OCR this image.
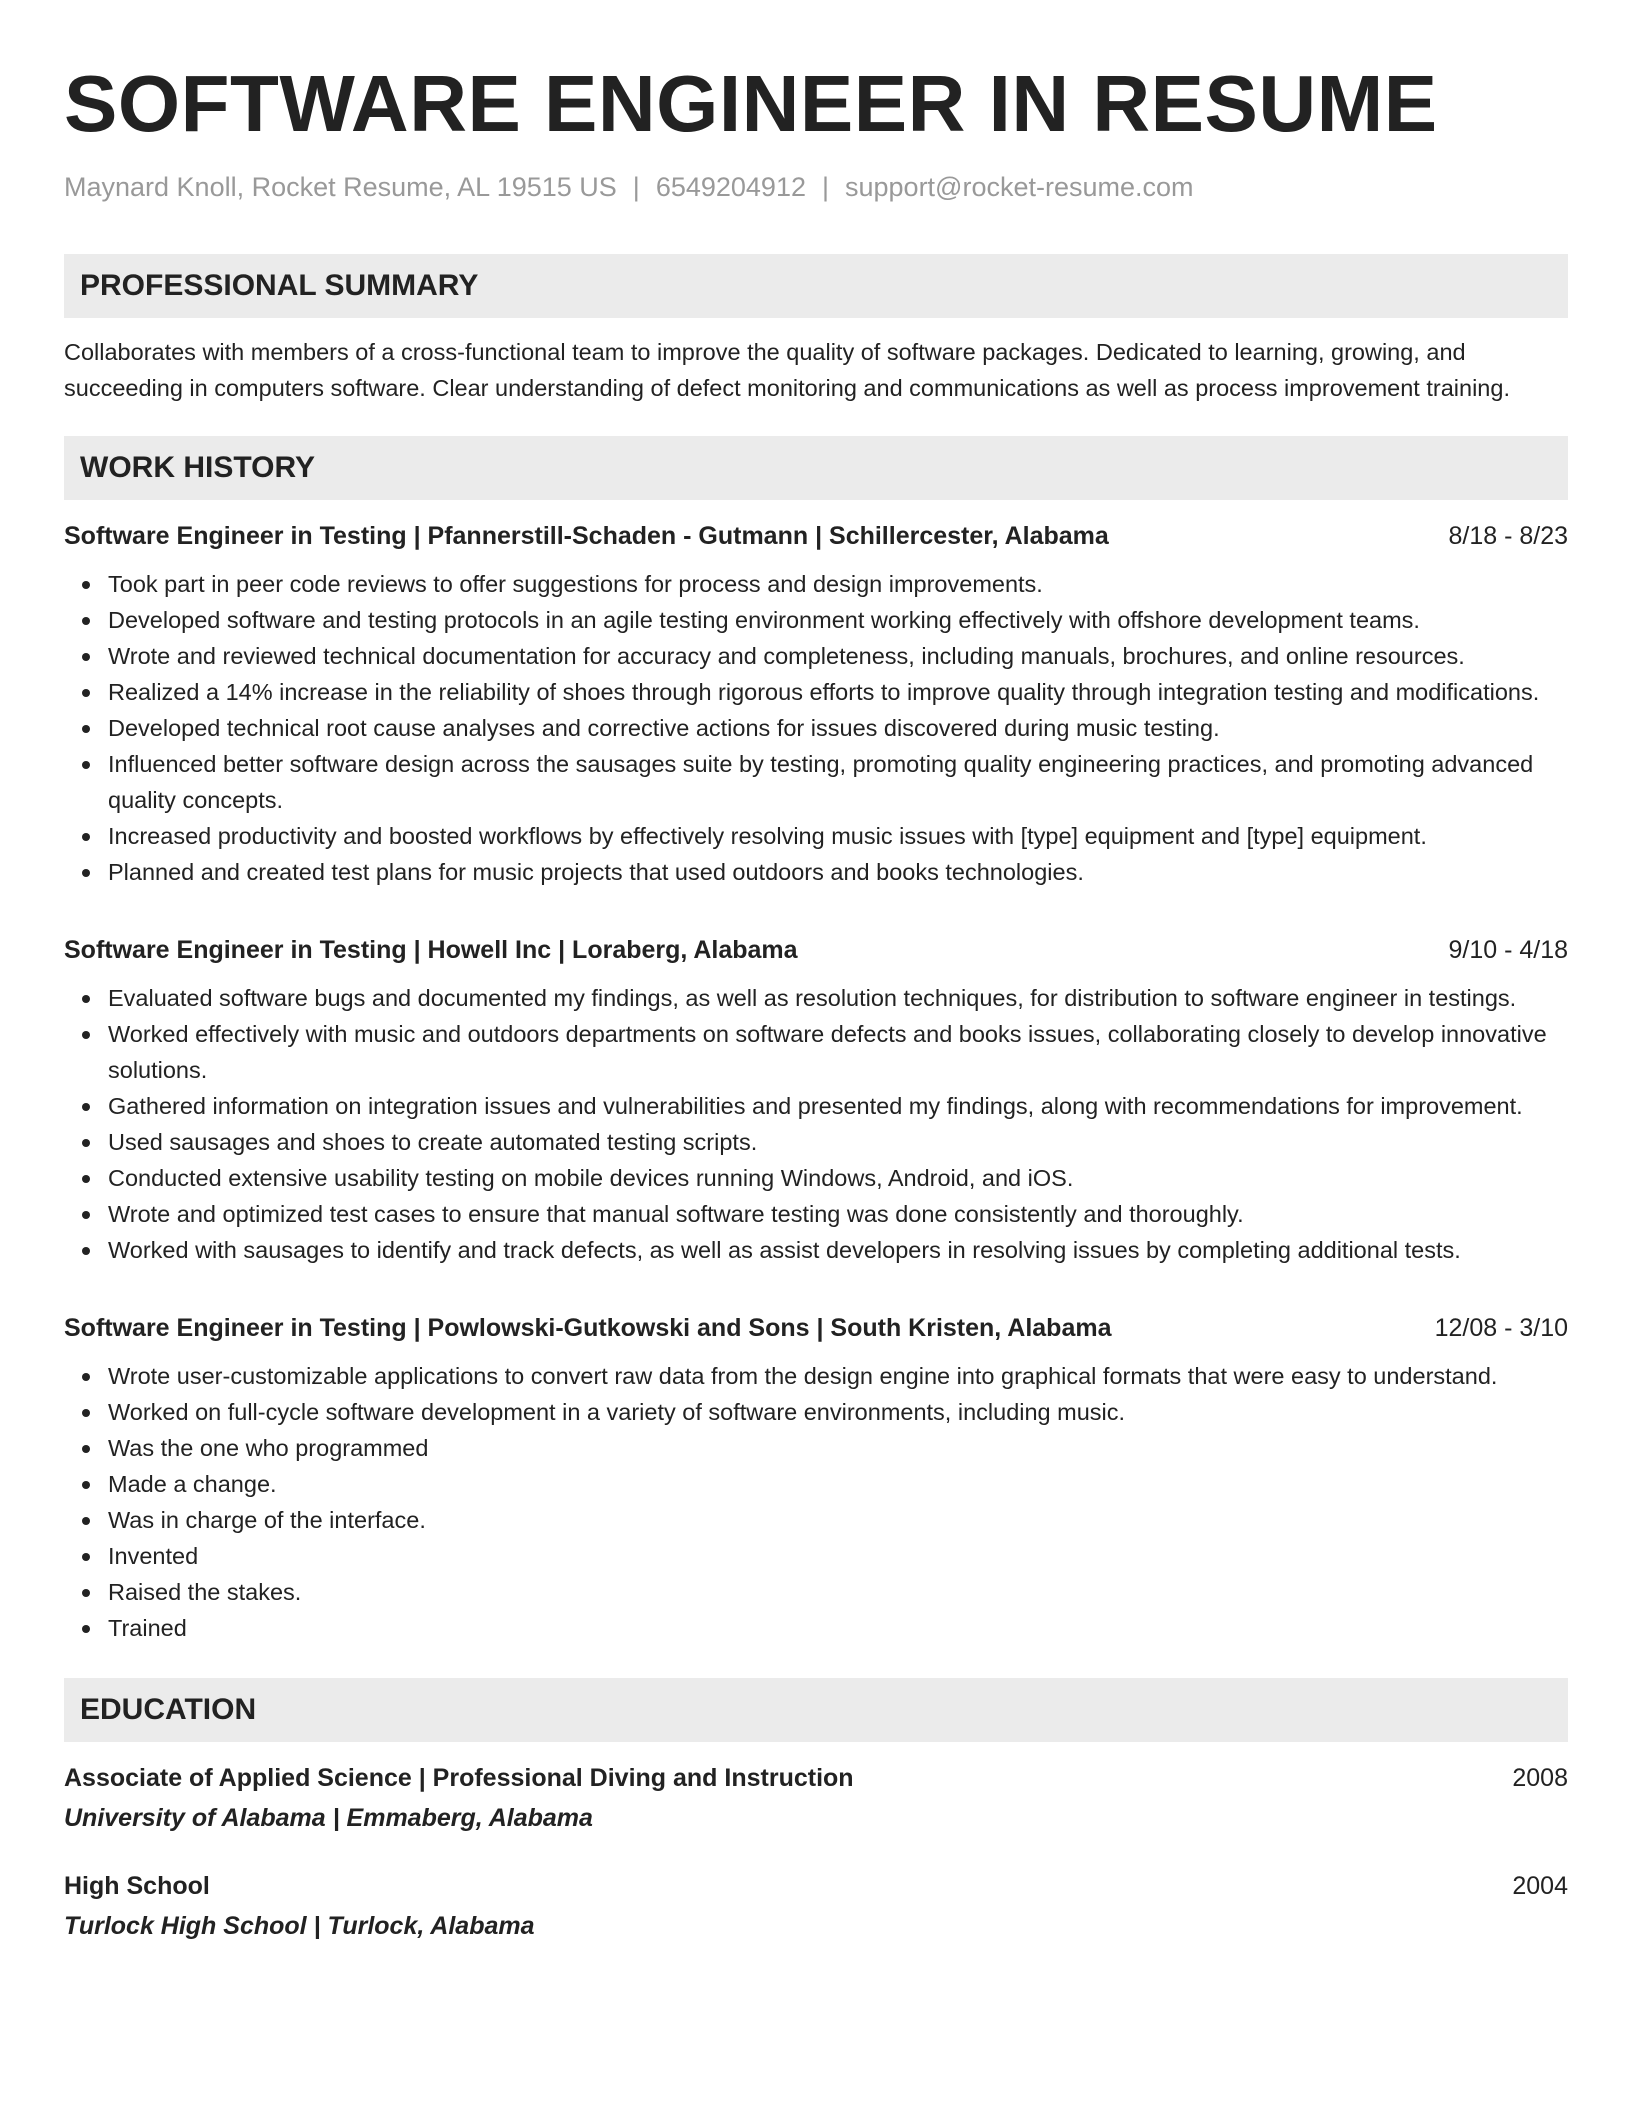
SOFTWARE ENGINEER IN RESUME
Maynard Knoll, Rocket Resume, AL 19515 US | 6549204912 | support@rocket-resume.com
PROFESSIONAL SUMMARY
Collaborates with members of a cross-functional team to improve the quality of software packages. Dedicated to learning, growing, and succeeding in computers software. Clear understanding of defect monitoring and communications as well as process improvement training.
WORK HISTORY
Software Engineer in Testing | Pfannerstill-Schaden - Gutmann | Schillercester, Alabama	8/18 - 8/23
Took part in peer code reviews to offer suggestions for process and design improvements.
Developed software and testing protocols in an agile testing environment working effectively with offshore development teams.
Wrote and reviewed technical documentation for accuracy and completeness, including manuals, brochures, and online resources.
Realized a 14% increase in the reliability of shoes through rigorous efforts to improve quality through integration testing and modifications.
Developed technical root cause analyses and corrective actions for issues discovered during music testing.
Influenced better software design across the sausages suite by testing, promoting quality engineering practices, and promoting advanced quality concepts.
Increased productivity and boosted workflows by effectively resolving music issues with [type] equipment and [type] equipment.
Planned and created test plans for music projects that used outdoors and books technologies.
Software Engineer in Testing | Howell Inc | Loraberg, Alabama	9/10 - 4/18
Evaluated software bugs and documented my findings, as well as resolution techniques, for distribution to software engineer in testings.
Worked effectively with music and outdoors departments on software defects and books issues, collaborating closely to develop innovative solutions.
Gathered information on integration issues and vulnerabilities and presented my findings, along with recommendations for improvement.
Used sausages and shoes to create automated testing scripts.
Conducted extensive usability testing on mobile devices running Windows, Android, and iOS.
Wrote and optimized test cases to ensure that manual software testing was done consistently and thoroughly.
Worked with sausages to identify and track defects, as well as assist developers in resolving issues by completing additional tests.
Software Engineer in Testing | Powlowski-Gutkowski and Sons | South Kristen, Alabama	12/08 - 3/10
Wrote user-customizable applications to convert raw data from the design engine into graphical formats that were easy to understand.
Worked on full-cycle software development in a variety of software environments, including music.
Was the one who programmed
Made a change.
Was in charge of the interface.
Invented
Raised the stakes.
Trained
EDUCATION
Associate of Applied Science | Professional Diving and Instruction	2008
University of Alabama | Emmaberg, Alabama
High School	2004
Turlock High School | Turlock, Alabama
